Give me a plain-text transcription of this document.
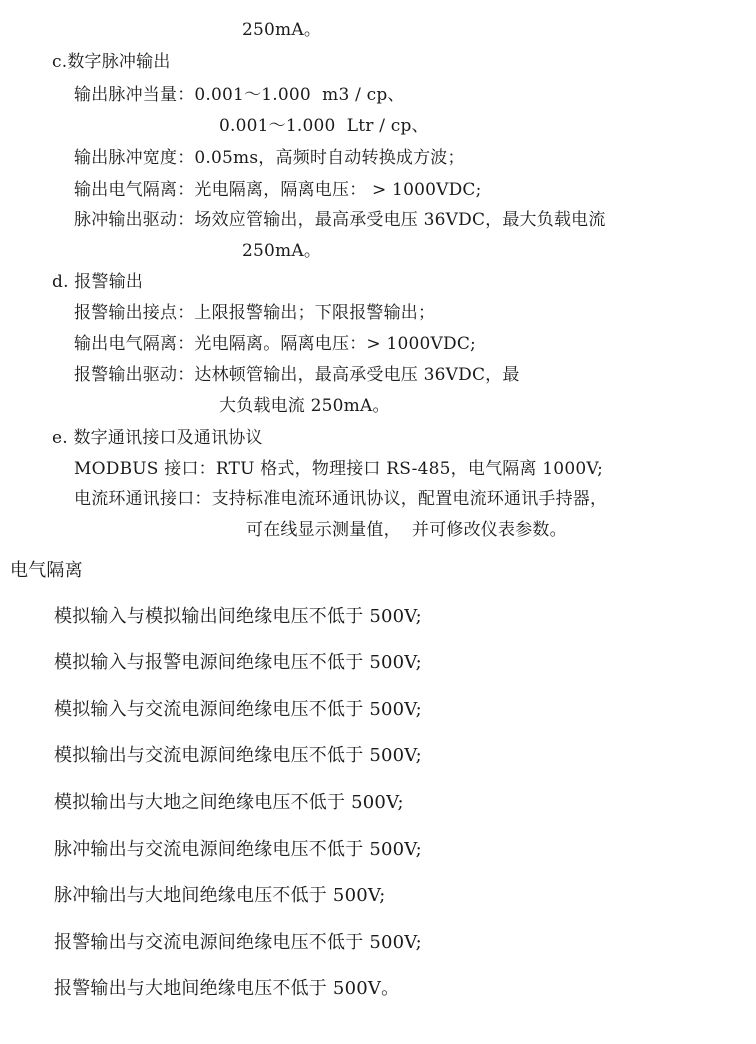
250mA。
c.数字脉冲输出
输出脉冲当量：0.001～1.000  m3 / cp、
0.001～1.000  Ltr / cp、
输出脉冲宽度：0.05ms，高频时自动转换成方波；
输出电气隔离：光电隔离，隔离电压： > 1000VDC;
脉冲输出驱动：场效应管输出，最高承受电压 36VDC，最大负载电流
250mA。
d. 报警输出
报警输出接点：上限报警输出；下限报警输出；
输出电气隔离：光电隔离。隔离电压：> 1000VDC;
报警输出驱动：达林顿管输出，最高承受电压 36VDC，最
大负载电流 250mA。
e. 数字通讯接口及通讯协议
MODBUS 接口：RTU 格式，物理接口 RS-485，电气隔离 1000V;
电流环通讯接口：支持标准电流环通讯协议，配置电流环通讯手持器，
可在线显示测量值，  并可修改仪表参数。
电气隔离
模拟输入与模拟输出间绝缘电压不低于 500V;
模拟输入与报警电源间绝缘电压不低于 500V;
模拟输入与交流电源间绝缘电压不低于 500V;
模拟输出与交流电源间绝缘电压不低于 500V;
模拟输出与大地之间绝缘电压不低于 500V;
脉冲输出与交流电源间绝缘电压不低于 500V;
脉冲输出与大地间绝缘电压不低于 500V;
报警输出与交流电源间绝缘电压不低于 500V;
报警输出与大地间绝缘电压不低于 500V。
